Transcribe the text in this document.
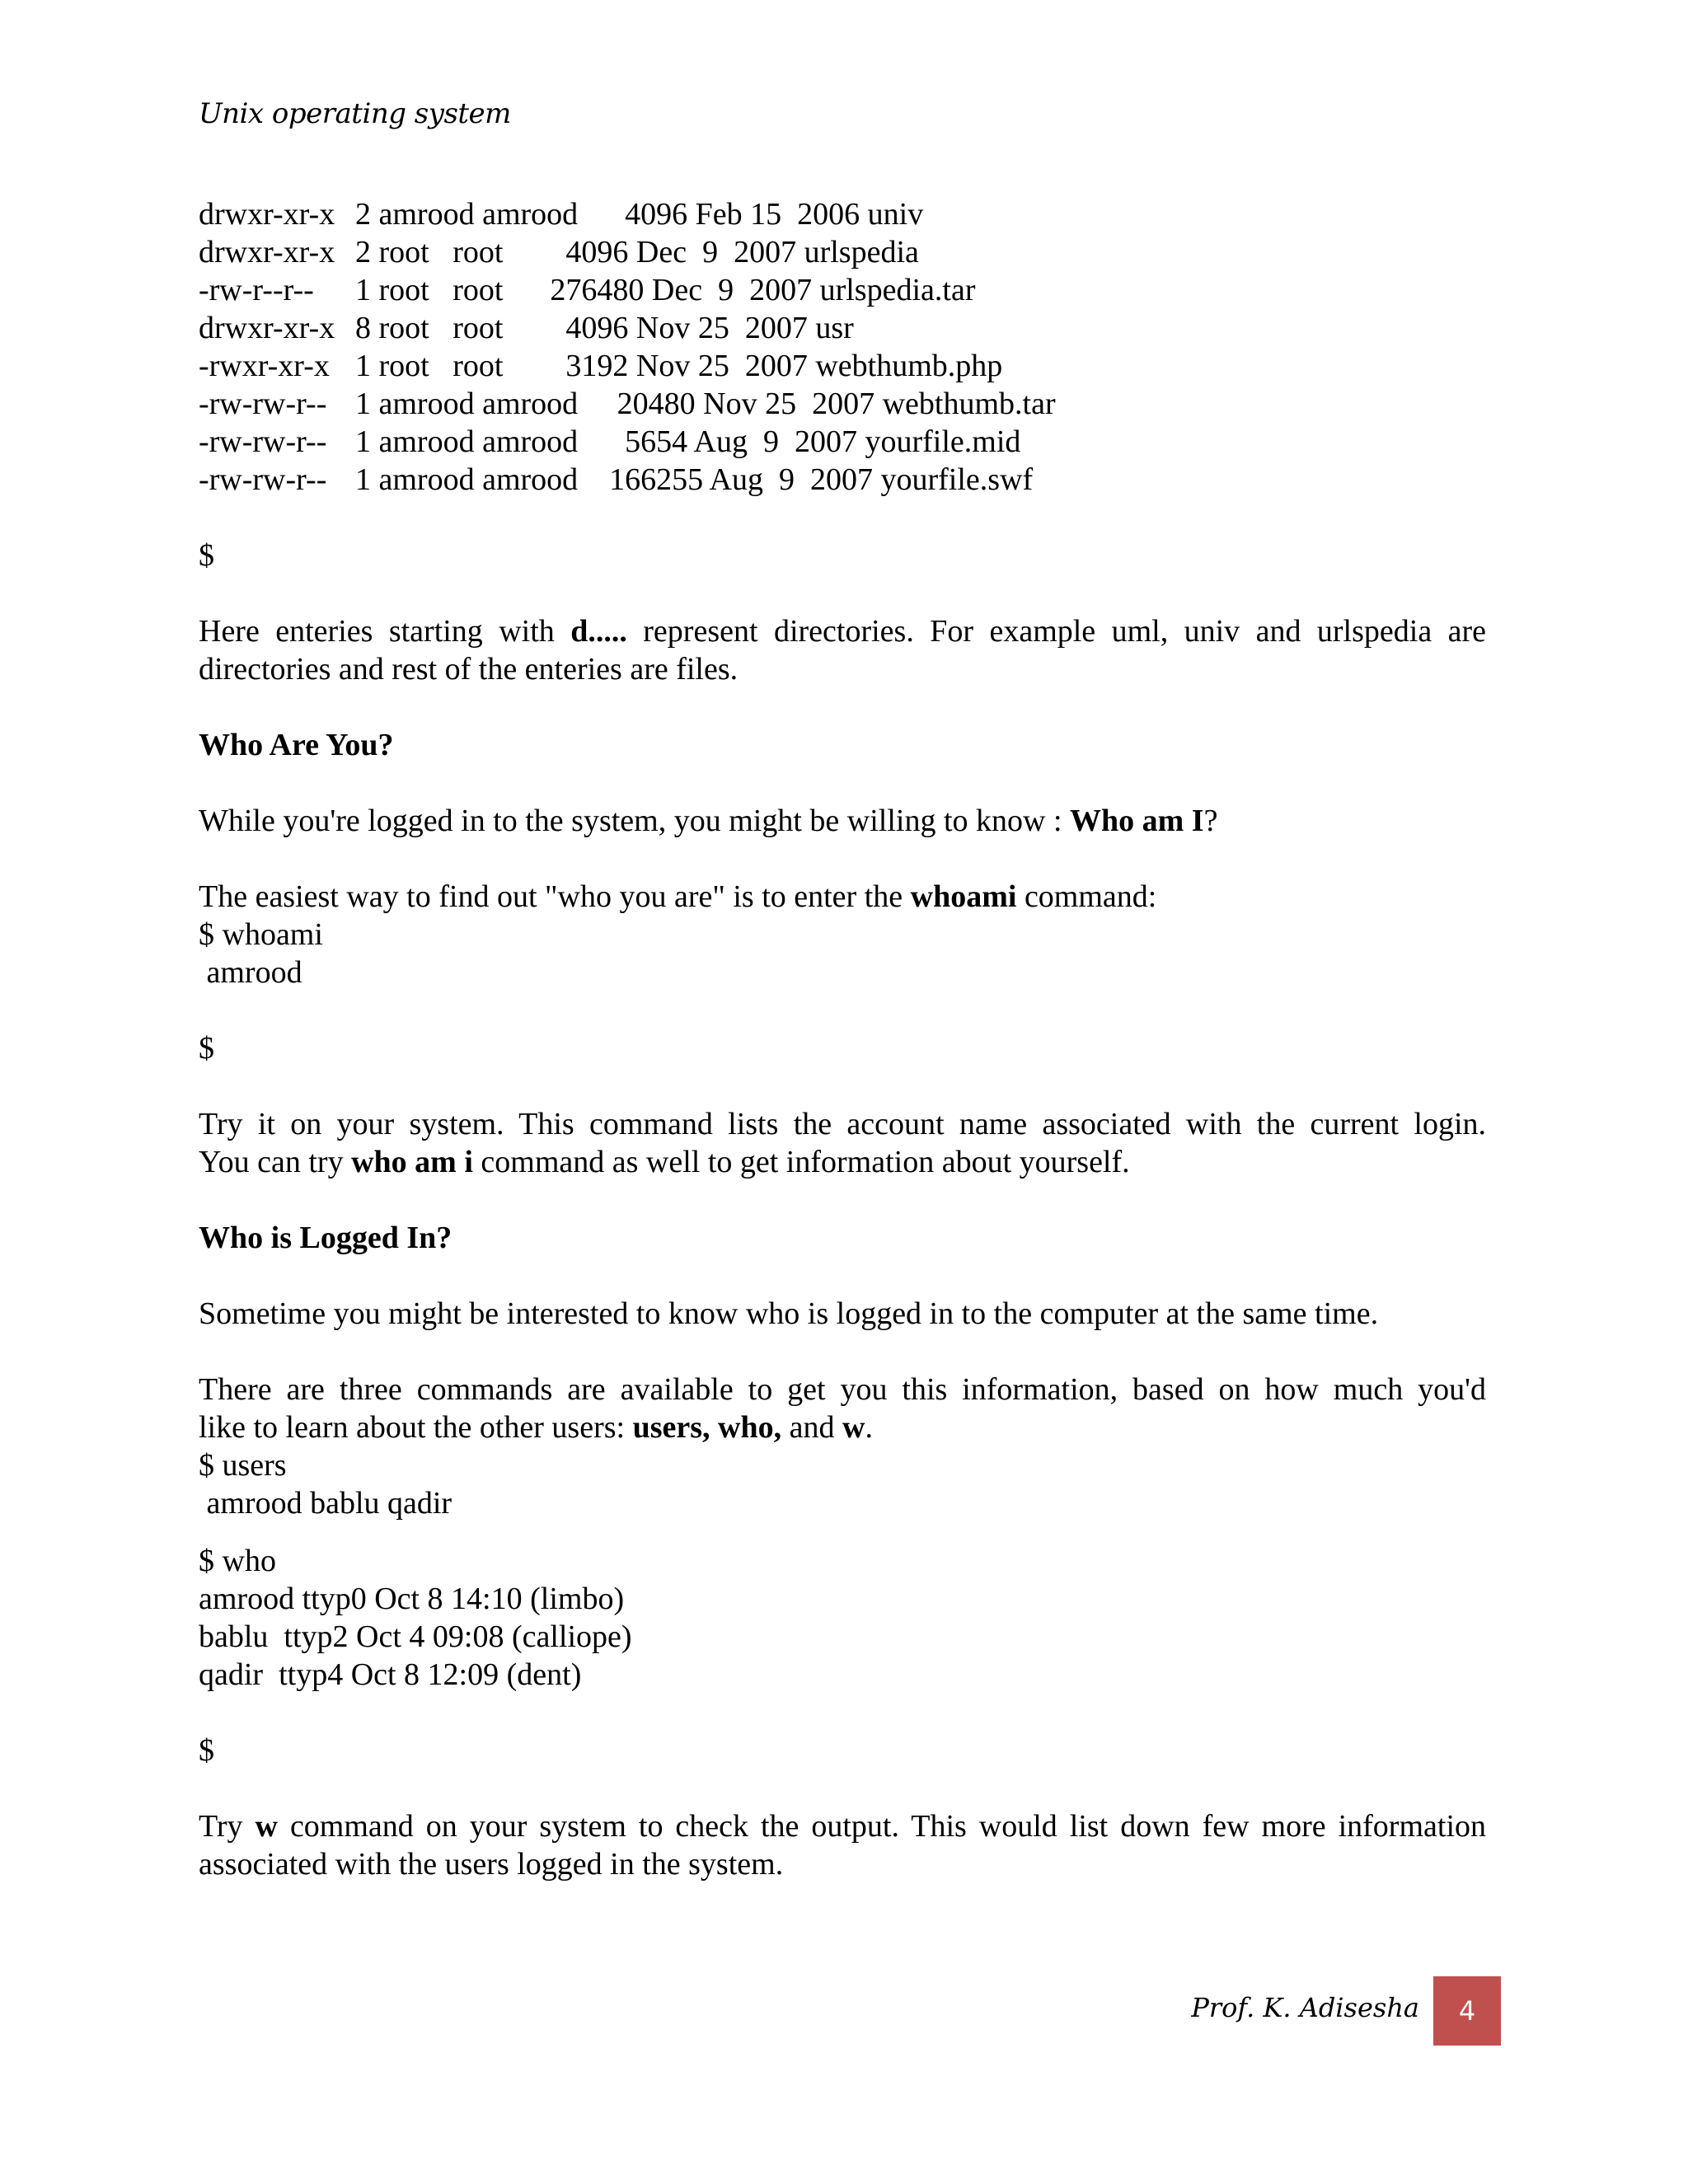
Unix operating system
drwxr-xr-x 2 amrood amrood      4096 Feb 15  2006 univ
drwxr-xr-x 2 root   root        4096 Dec  9  2007 urlspedia
-rw-r--r-- 1 root   root      276480 Dec  9  2007 urlspedia.tar
drwxr-xr-x 8 root   root        4096 Nov 25  2007 usr
-rwxr-xr-x 1 root   root        3192 Nov 25  2007 webthumb.php
-rw-rw-r-- 1 amrood amrood     20480 Nov 25  2007 webthumb.tar
-rw-rw-r-- 1 amrood amrood      5654 Aug  9  2007 yourfile.mid
-rw-rw-r-- 1 amrood amrood    166255 Aug  9  2007 yourfile.swf
$
Here enteries starting with d..... represent directories. For example uml, univ and urlspedia are
directories and rest of the enteries are files.
Who Are You?
While you're logged in to the system, you might be willing to know : Who am I?
The easiest way to find out "who you are" is to enter the whoami command:
$ whoami
amrood
$
Try it on your system. This command lists the account name associated with the current login.
You can try who am i command as well to get information about yourself.
Who is Logged In?
Sometime you might be interested to know who is logged in to the computer at the same time.
There are three commands are available to get you this information, based on how much you'd
like to learn about the other users: users, who, and w.
$ users
amrood bablu qadir
$ who
amrood ttyp0 Oct 8 14:10 (limbo)
bablu  ttyp2 Oct 4 09:08 (calliope)
qadir  ttyp4 Oct 8 12:09 (dent)
$
Try w command on your system to check the output. This would list down few more information
associated with the users logged in the system.
Prof. K. Adisesha	4
